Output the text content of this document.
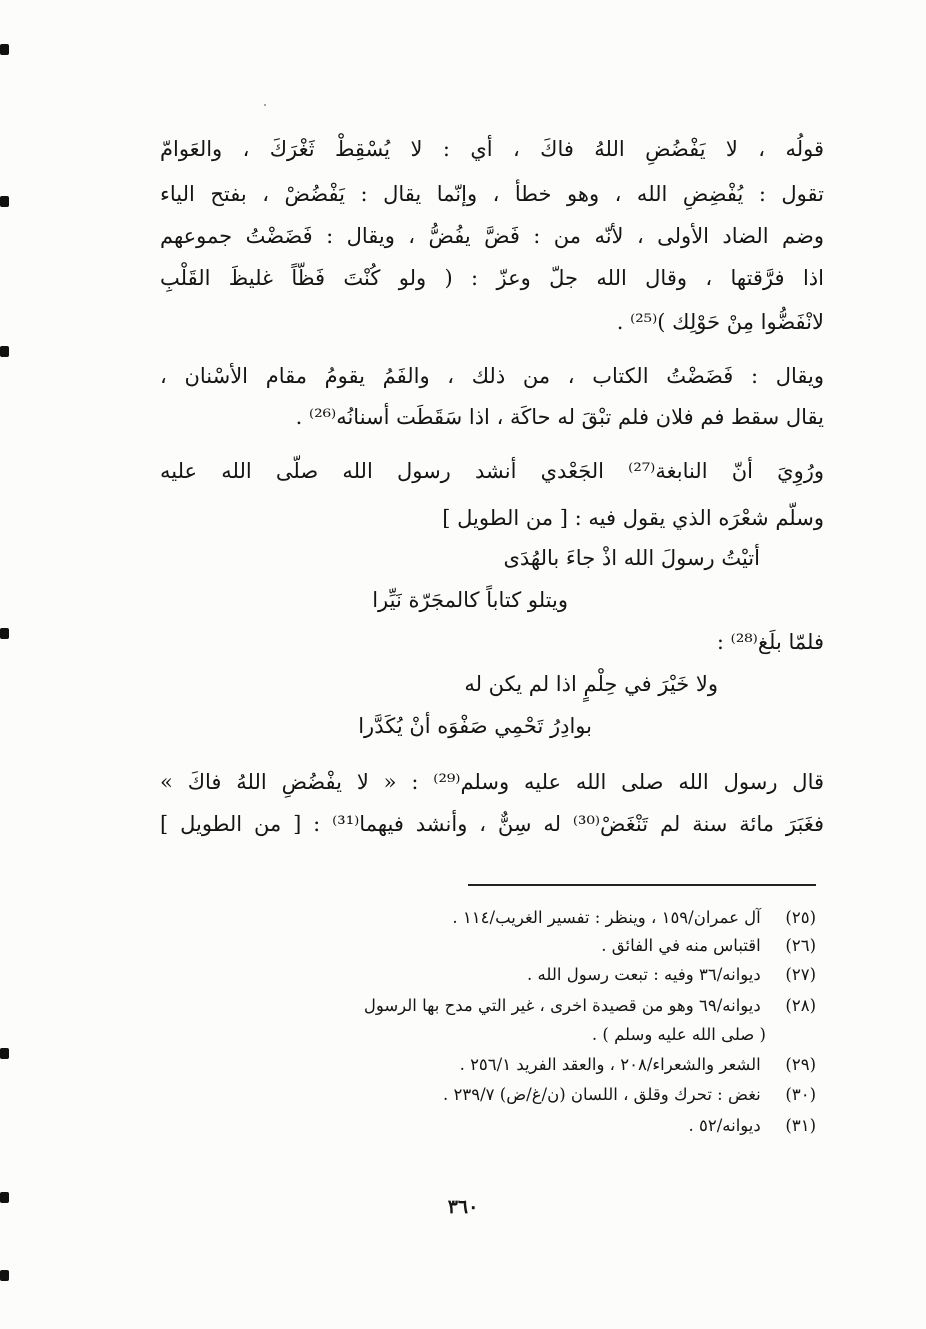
قولُه ، لا يَفْضُضِ اللهُ فاكَ ، أي : لا يُسْقِطْ ثَغْرَكَ ، والعَوامّ
تقول : يُفْضِضِ الله ، وهو خطأ ، وإنّما يقال : يَفْضُضْ ، بفتح الياء
وضم الضاد الأولى ، لأنّه من : فَضَّ يفُضُّ ، ويقال : فَضَضْتُ جموعهم
اذا فرَّقتها ، وقال الله جلّ وعزّ : ( ولو كُنْتَ فَظّاً غليظَ القَلْبِ
لانْفَضُّوا مِنْ حَوْلِك )⁽²⁵⁾ .
ويقال : فَضَضْتُ الكتاب ، من ذلك ، والفَمُ يقومُ مقام الأسْنان ،
يقال سقط فم فلان فلم تبْقَ له حاكَة ، اذا سَقَطَت أسنانُه⁽²⁶⁾ .
ورُوِيَ أنّ النابغة⁽²⁷⁾ الجَعْدي أنشد رسول الله صلّى الله عليه
وسلّم شعْرَه الذي يقول فيه : [ من الطويل ]
أتيْتُ رسولَ الله اذْ جاءَ بالهُدَى
ويتلو كتاباً كالمجَرّة نَيِّرا
فلمّا بلَغ⁽²⁸⁾ :
ولا خَيْرَ في حِلْمٍ اذا لم يكن له
بوادِرُ تَحْمِي صَفْوَه أنْ يُكَدَّرا
قال رسول الله صلى الله عليه وسلم⁽²⁹⁾ : « لا يفْضُضِ اللهُ فاكَ »
فغَبَرَ مائة سنة لم تَنْغَضْ⁽³⁰⁾ له سِنٌّ ، وأنشد فيهما⁽³¹⁾ : [ من الطويل ]
(٢٥) آل عمران/١٥٩ ، وينظر : تفسير الغريب/١١٤ .
(٢٦) اقتباس منه في الفائق .
(٢٧) ديوانه/٣٦ وفيه : تبعت رسول الله .
(٢٨) ديوانه/٦٩ وهو من قصيدة اخرى ، غير التي مدح بها الرسول
( صلى الله عليه وسلم ) .
(٢٩) الشعر والشعراء/٢٠٨ ، والعقد الفريد ٢٥٦/١ .
(٣٠) نغض : تحرك وقلق ، اللسان (ن/غ/ض) ٢٣٩/٧ .
(٣١) ديوانه/٥٢ .
٣٦٠
